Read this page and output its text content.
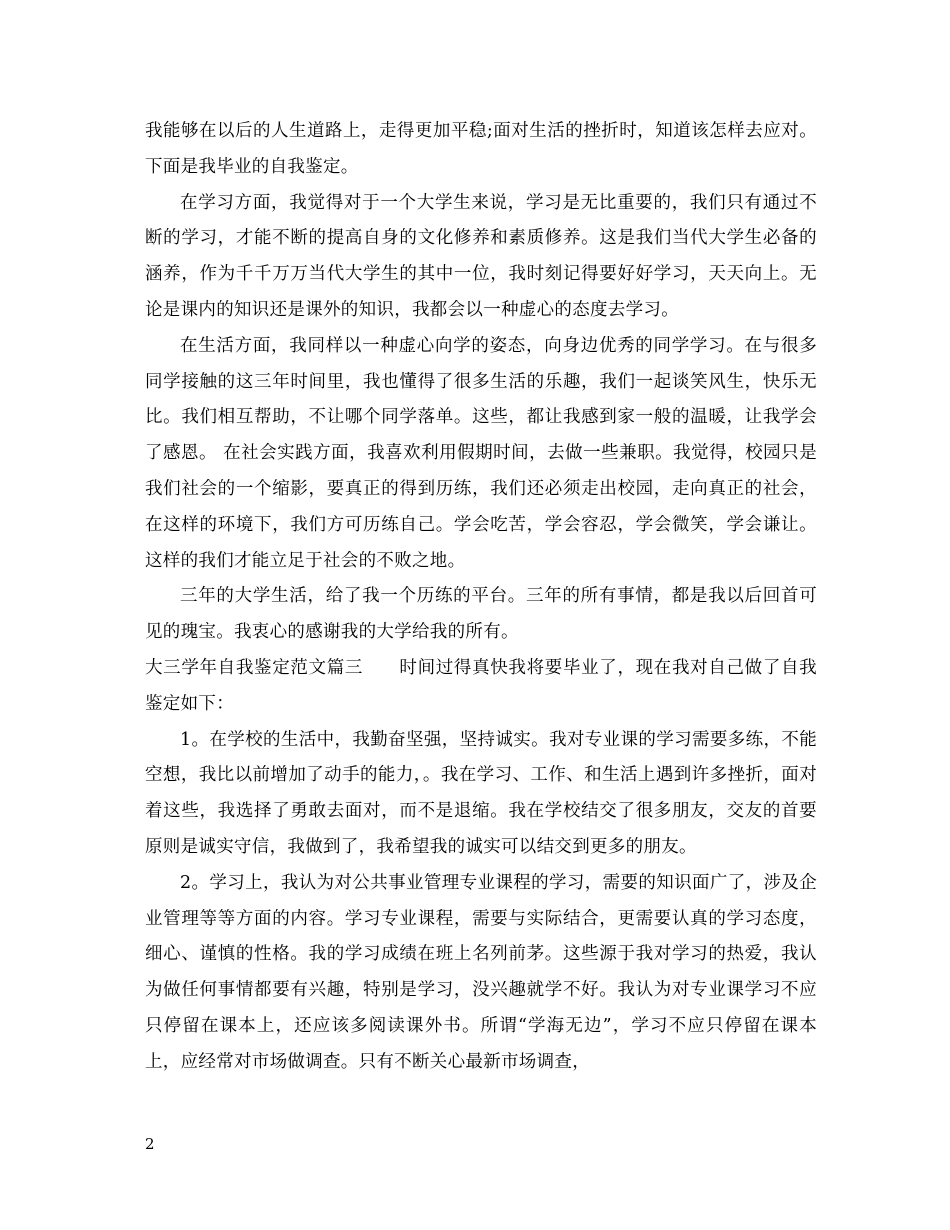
我能够在以后的人生道路上，走得更加平稳;面对生活的挫折时，知道该怎样去应对。下面是我毕业的自我鉴定。

在学习方面，我觉得对于一个大学生来说，学习是无比重要的，我们只有通过不断的学习，才能不断的提高自身的文化修养和素质修养。这是我们当代大学生必备的涵养，作为千千万万当代大学生的其中一位，我时刻记得要好好学习，天天向上。无论是课内的知识还是课外的知识，我都会以一种虚心的态度去学习。

在生活方面，我同样以一种虚心向学的姿态，向身边优秀的同学学习。在与很多同学接触的这三年时间里，我也懂得了很多生活的乐趣，我们一起谈笑风生，快乐无比。我们相互帮助，不让哪个同学落单。这些，都让我感到家一般的温暖，让我学会了感恩。 在社会实践方面，我喜欢利用假期时间，去做一些兼职。我觉得，校园只是我们社会的一个缩影，要真正的得到历练，我们还必须走出校园，走向真正的社会，在这样的环境下，我们方可历练自己。学会吃苦，学会容忍，学会微笑，学会谦让。这样的我们才能立足于社会的不败之地。

三年的大学生活，给了我一个历练的平台。三年的所有事情，都是我以后回首可见的瑰宝。我衷心的感谢我的大学给我的所有。

大三学年自我鉴定范文篇三　　时间过得真快我将要毕业了，现在我对自己做了自我鉴定如下：

1。在学校的生活中，我勤奋坚强，坚持诚实。我对专业课的学习需要多练，不能空想，我比以前增加了动手的能力，。我在学习、工作、和生活上遇到许多挫折，面对着这些，我选择了勇敢去面对，而不是退缩。我在学校结交了很多朋友，交友的首要原则是诚实守信，我做到了，我希望我的诚实可以结交到更多的朋友。

2。学习上，我认为对公共事业管理专业课程的学习，需要的知识面广了，涉及企业管理等等方面的内容。学习专业课程，需要与实际结合，更需要认真的学习态度，细心、谨慎的性格。我的学习成绩在班上名列前茅。这些源于我对学习的热爱，我认为做任何事情都要有兴趣，特别是学习，没兴趣就学不好。我认为对专业课学习不应只停留在课本上，还应该多阅读课外书。所谓“学海无边”，学习不应只停留在课本上，应经常对市场做调查。只有不断关心最新市场调查，

2
